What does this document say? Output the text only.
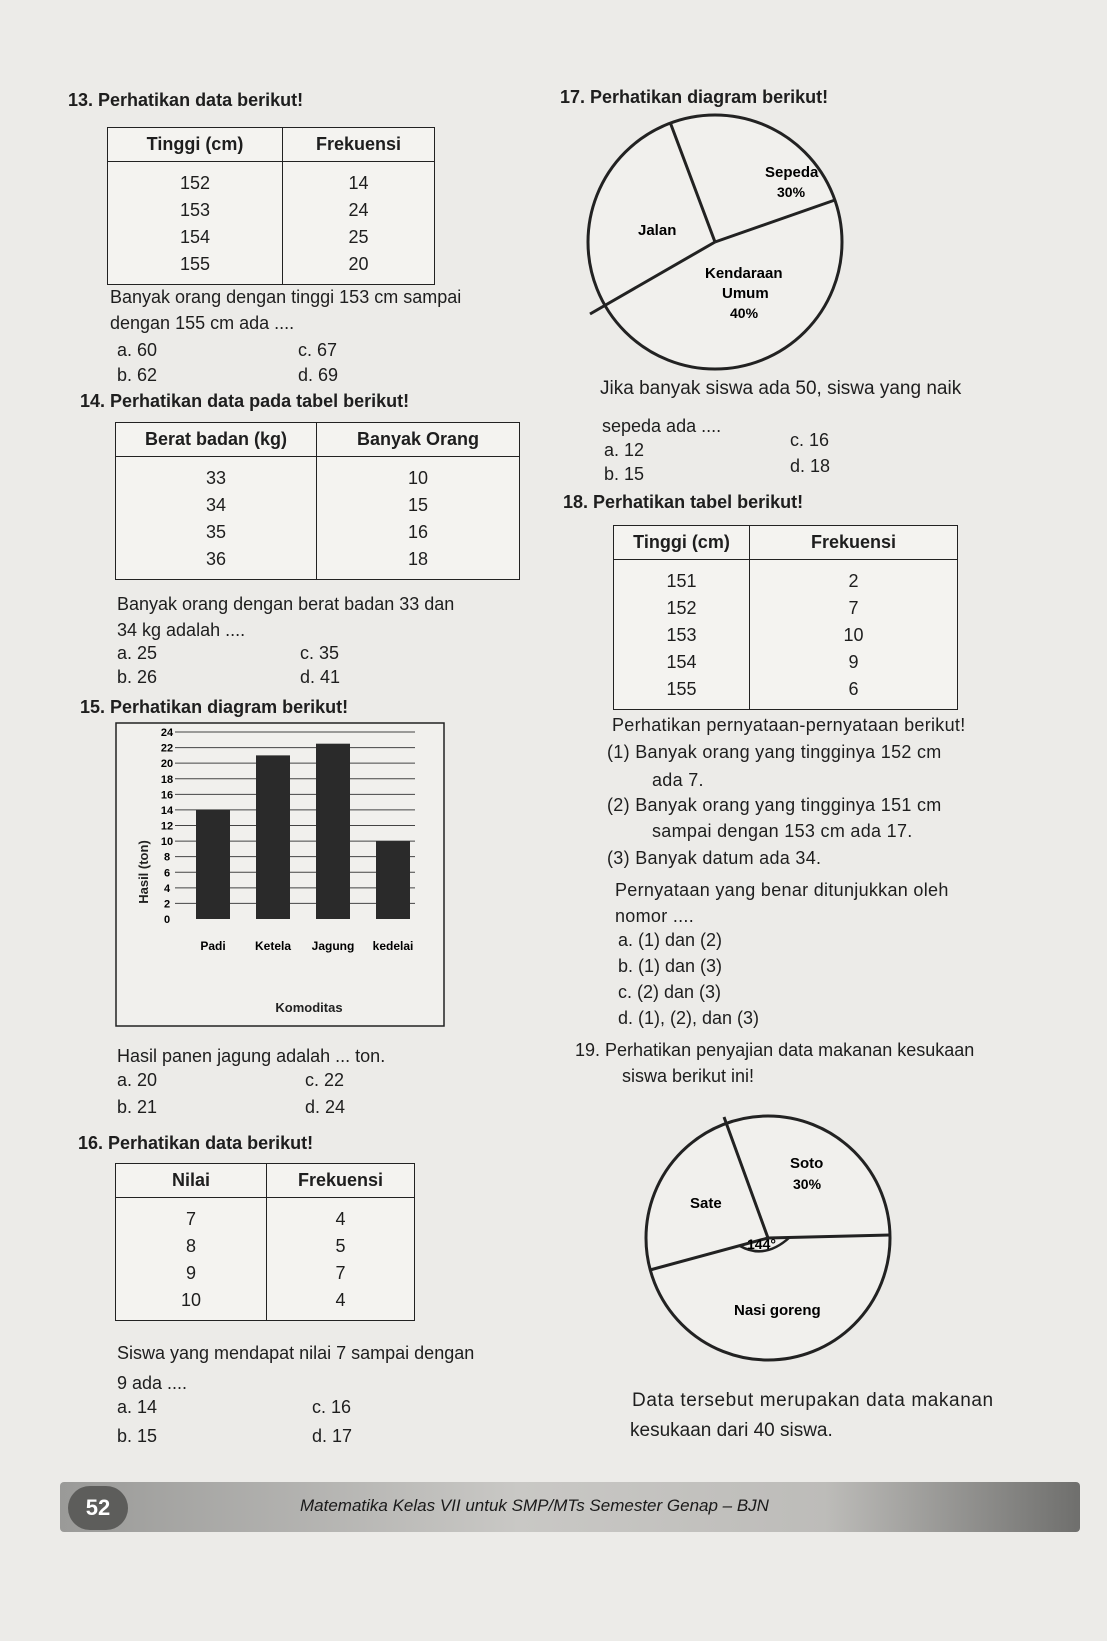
13. Perhatikan data berikut!
Tinggi (cm)	Frekuensi
152	14
153	24
154	25
155	20
Banyak orang dengan tinggi 153 cm sampai
dengan 155 cm ada ....
a. 60
b. 62
c. 67
d. 69
14. Perhatikan data pada tabel berikut!
Berat badan (kg)	Banyak Orang
33	10
34	15
35	16
36	18
Banyak orang dengan berat badan 33 dan
34 kg adalah ....
a. 25
b. 26
c. 35
d. 41
15. Perhatikan diagram berikut!
0
2
4
6
8
10
12
14
16
18
20
22
24
Padi Ketela Jagung kedelai
Hasil (ton)
Komoditas
Hasil panen jagung adalah ... ton.
a. 20
b. 21
c. 22
d. 24
16. Perhatikan data berikut!
Nilai	Frekuensi
7	4
8	5
9	7
10	4
Siswa yang mendapat nilai 7 sampai dengan
9 ada ....
a. 14
b. 15
c. 16
d. 17
17. Perhatikan diagram berikut!
Sepeda
30%
Jalan
Kendaraan
Umum
40%
Jika banyak siswa ada 50, siswa yang naik
sepeda ada ....
a. 12
b. 15
c. 16
d. 18
18. Perhatikan tabel berikut!
Tinggi (cm)	Frekuensi
151	2
152	7
153	10
154	9
155	6
Perhatikan pernyataan-pernyataan berikut!
(1) Banyak orang yang tingginya 152 cm
ada 7.
(2) Banyak orang yang tingginya 151 cm
sampai dengan 153 cm ada 17.
(3) Banyak datum ada 34.
Pernyataan yang benar ditunjukkan oleh
nomor ....
a. (1) dan (2)
b. (1) dan (3)
c. (2) dan (3)
d. (1), (2), dan (3)
19. Perhatikan penyajian data makanan kesukaan
siswa berikut ini!
Soto
30%
Sate
144°
Nasi goreng
Data tersebut merupakan data makanan
kesukaan dari 40 siswa.
52	Matematika Kelas VII untuk SMP/MTs Semester Genap – BJN
